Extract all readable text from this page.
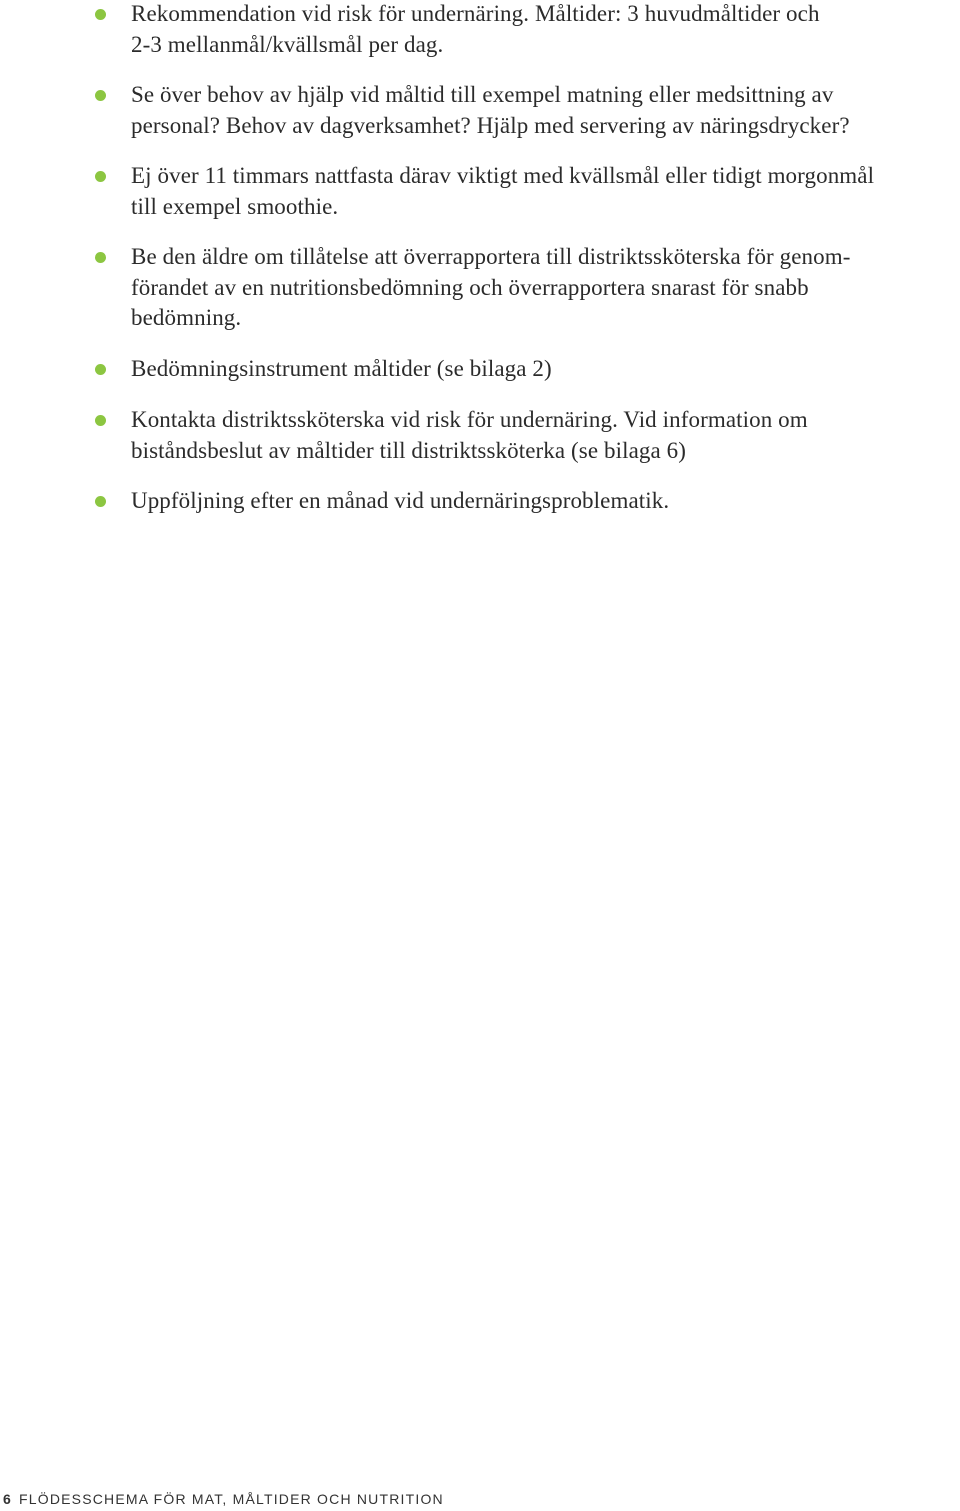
Rekommendation vid risk för undernäring. Måltider: 3 huvudmåltider och
2-3 mellanmål/kvällsmål per dag.
Se över behov av hjälp vid måltid till exempel matning eller medsittning av
personal? Behov av dagverksamhet? Hjälp med servering av näringsdrycker?
Ej över 11 timmars nattfasta därav viktigt med kvällsmål eller tidigt morgonmål
till exempel smoothie.
Be den äldre om tillåtelse att överrapportera till distriktssköterska för genom-
förandet av en nutritionsbedömning och överrapportera snarast för snabb
bedömning.
Bedömningsinstrument måltider (se bilaga 2)
Kontakta distriktssköterska vid risk för undernäring. Vid information om
biståndsbeslut av måltider till distriktssköterka (se bilaga 6)
Uppföljning efter en månad vid undernäringsproblematik.
6 FLÖDESSCHEMA FÖR MAT, MÅLTIDER OCH NUTRITION
